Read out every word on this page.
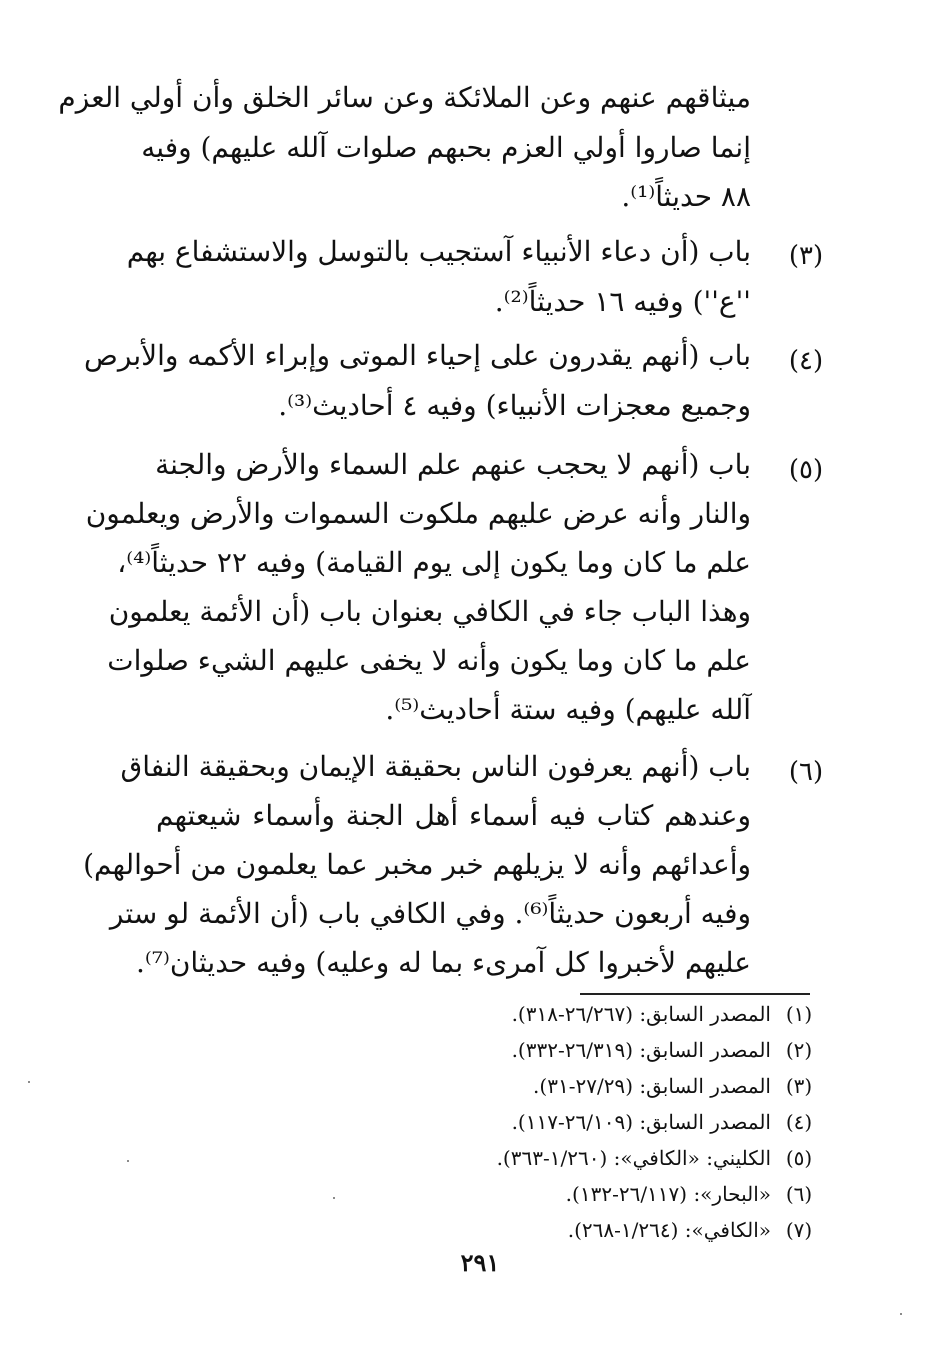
ميثاقهم عنهم وعن الملائكة وعن سائر الخلق وأن أولي العزم
إنما صاروا أولي العزم بحبهم صلوات آلله عليهم) وفيه
٨٨ حديثاً⁽¹⁾.
(٣)
باب (أن دعاء الأنبياء آستجيب بالتوسل والاستشفاع بهم
''ع'') وفيه ١٦ حديثاً⁽²⁾.
(٤)
باب (أنهم يقدرون على إحياء الموتى وإبراء الأكمه والأبرص
وجميع معجزات الأنبياء) وفيه ٤ أحاديث⁽³⁾.
(٥)
باب (أنهم لا يحجب عنهم علم السماء والأرض والجنة
والنار وأنه عرض عليهم ملكوت السموات والأرض ويعلمون
علم ما كان وما يكون إلى يوم القيامة) وفيه ٢٢ حديثاً⁽⁴⁾،
وهذا الباب جاء في الكافي بعنوان باب (أن الأئمة يعلمون
علم ما كان وما يكون وأنه لا يخفى عليهم الشيء صلوات
آلله عليهم) وفيه ستة أحاديث⁽⁵⁾.
(٦)
باب (أنهم يعرفون الناس بحقيقة الإيمان وبحقيقة النفاق
وعندهم كتاب فيه أسماء أهل الجنة وأسماء شيعتهم
وأعدائهم وأنه لا يزيلهم خبر مخبر عما يعلمون من أحوالهم)
وفيه أربعون حديثاً⁽⁶⁾. وفي الكافي باب (أن الأئمة لو ستر
عليهم لأخبروا كل آمرىء بما له وعليه) وفيه حديثان⁽⁷⁾.
(١)المصدر السابق: (٢٦/٢٦٧-٣١٨).
(٢)المصدر السابق: (٢٦/٣١٩-٣٣٢).
(٣)المصدر السابق: (٢٧/٢٩-٣١).
(٤)المصدر السابق: (٢٦/١٠٩-١١٧).
(٥)الكليني: «الكافي»: (١/٢٦٠-٣٦٣).
(٦)«البحار»: (٢٦/١١٧-١٣٢).
(٧)«الكافي»: (١/٢٦٤-٢٦٨).
٢٩١
